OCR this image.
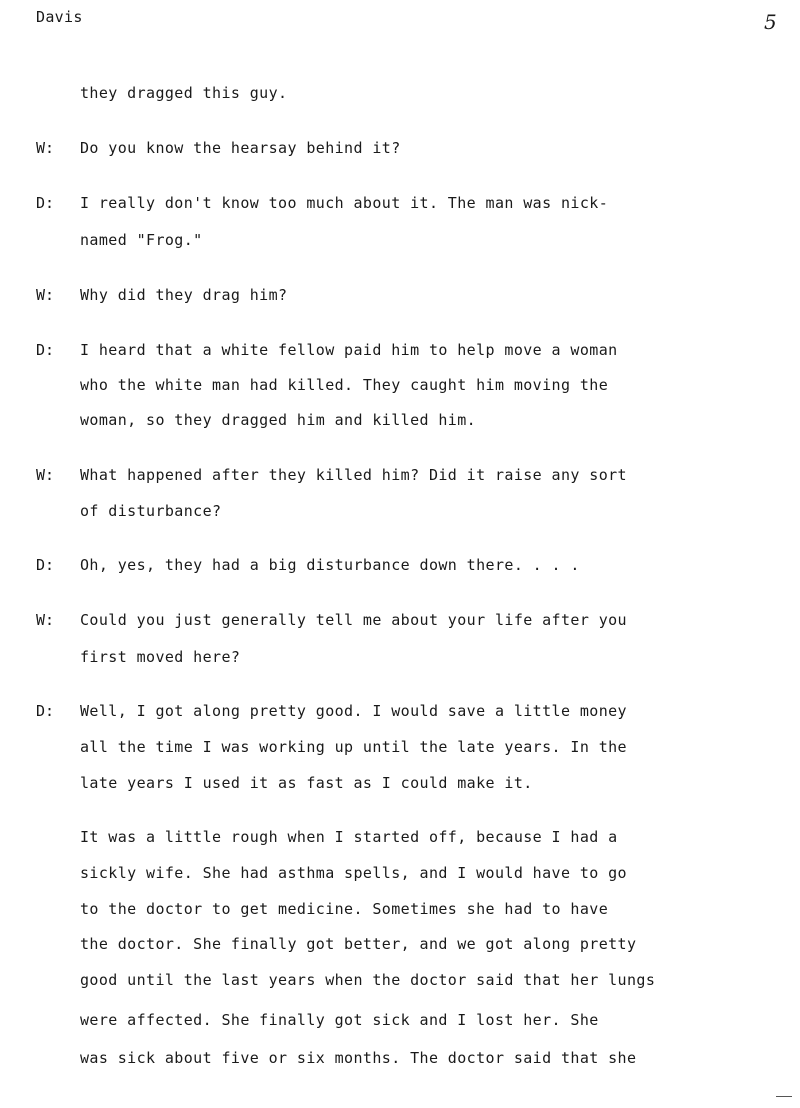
Davis	5
they dragged this guy.
W: Do you know the hearsay behind it?
D: I really don't know too much about it. The man was nick-
named "Frog."
W: Why did they drag him?
D: I heard that a white fellow paid him to help move a woman
who the white man had killed. They caught him moving the
woman, so they dragged him and killed him.
W: What happened after they killed him? Did it raise any sort
of disturbance?
D: Oh, yes, they had a big disturbance down there. . . .
W: Could you just generally tell me about your life after you
first moved here?
D: Well, I got along pretty good. I would save a little money
all the time I was working up until the late years. In the
late years I used it as fast as I could make it.
It was a little rough when I started off, because I had a
sickly wife. She had asthma spells, and I would have to go
to the doctor to get medicine. Sometimes she had to have
the doctor. She finally got better, and we got along pretty
good until the last years when the doctor said that her lungs
were affected. She finally got sick and I lost her. She
was sick about five or six months. The doctor said that she
